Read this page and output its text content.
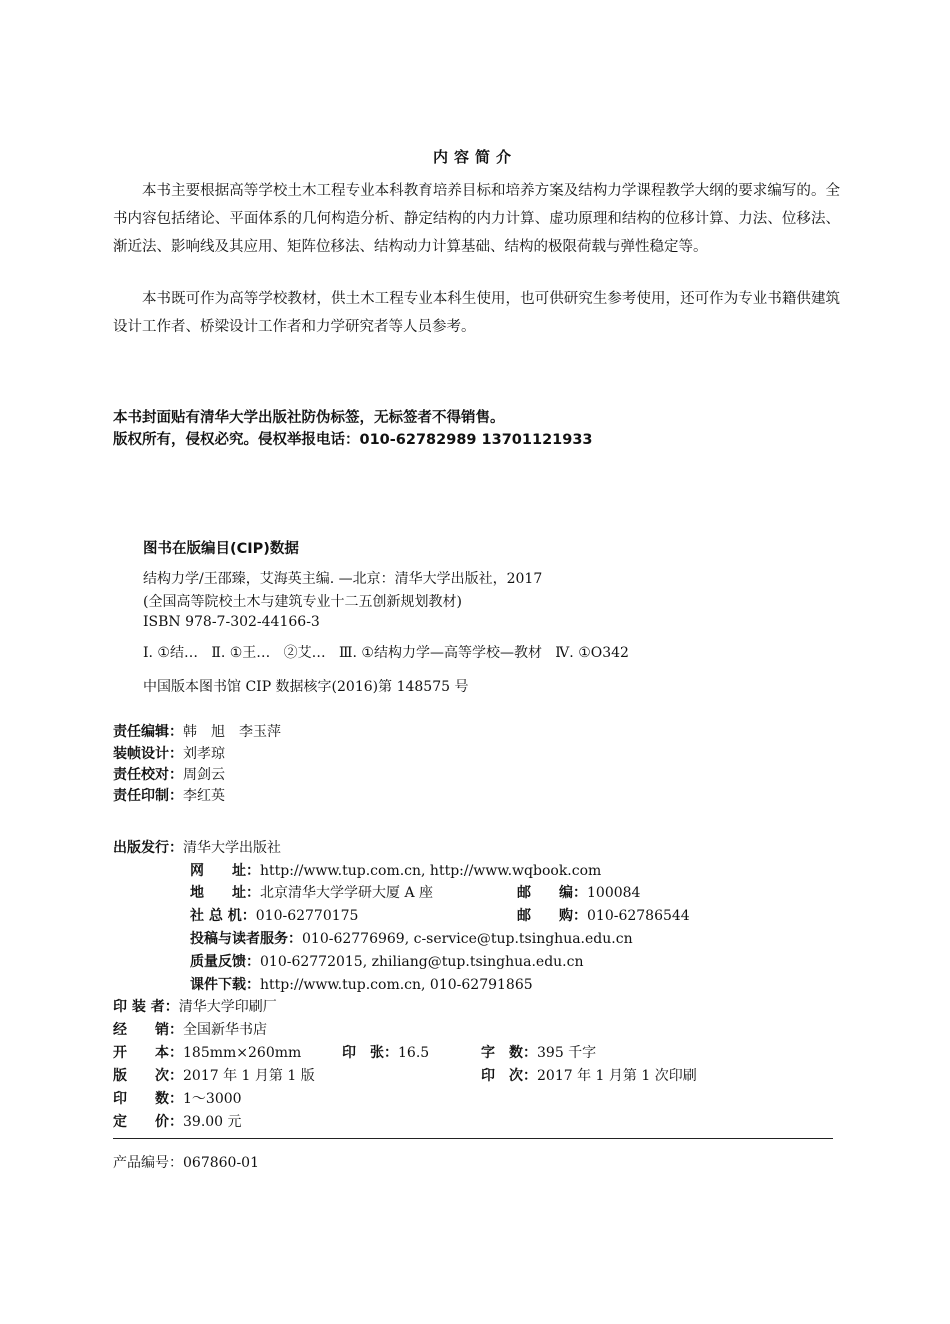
内容简介
本书主要根据高等学校土木工程专业本科教育培养目标和培养方案及结构力学课程教学大纲的要求编写的。全书内容包括绪论、平面体系的几何构造分析、静定结构的内力计算、虚功原理和结构的位移计算、力法、位移法、渐近法、影响线及其应用、矩阵位移法、结构动力计算基础、结构的极限荷载与弹性稳定等。
本书既可作为高等学校教材，供土木工程专业本科生使用，也可供研究生参考使用，还可作为专业书籍供建筑设计工作者、桥梁设计工作者和力学研究者等人员参考。
本书封面贴有清华大学出版社防伪标签，无标签者不得销售。
版权所有，侵权必究。侵权举报电话：010-62782989 13701121933
图书在版编目(CIP)数据
结构力学/王邵臻，艾海英主编. —北京：清华大学出版社，2017
(全国高等院校土木与建筑专业十二五创新规划教材)
ISBN 978-7-302-44166-3
Ⅰ. ①结…   Ⅱ. ①王…   ②艾…   Ⅲ. ①结构力学—高等学校—教材   Ⅳ. ①O342
中国版本图书馆 CIP 数据核字(2016)第 148575 号
责任编辑：韩　旭　李玉萍
装帧设计：刘孝琼
责任校对：周剑云
责任印制：李红英
出版发行：清华大学出版社
网　　址：http://www.tup.com.cn, http://www.wqbook.com
地　　址：北京清华大学学研大厦 A 座	邮　　编：100084
社 总 机：010-62770175	邮　　购：010-62786544
投稿与读者服务：010-62776969, c-service@tup.tsinghua.edu.cn
质量反馈：010-62772015, zhiliang@tup.tsinghua.edu.cn
课件下载：http://www.tup.com.cn, 010-62791865
印 装 者：清华大学印刷厂
经　　销：全国新华书店
开　　本：185mm×260mm	印　张：16.5	字　数：395 千字
版　　次：2017 年 1 月第 1 版	印　次：2017 年 1 月第 1 次印刷
印　　数：1～3000
定　　价：39.00 元
产品编号：067860-01
